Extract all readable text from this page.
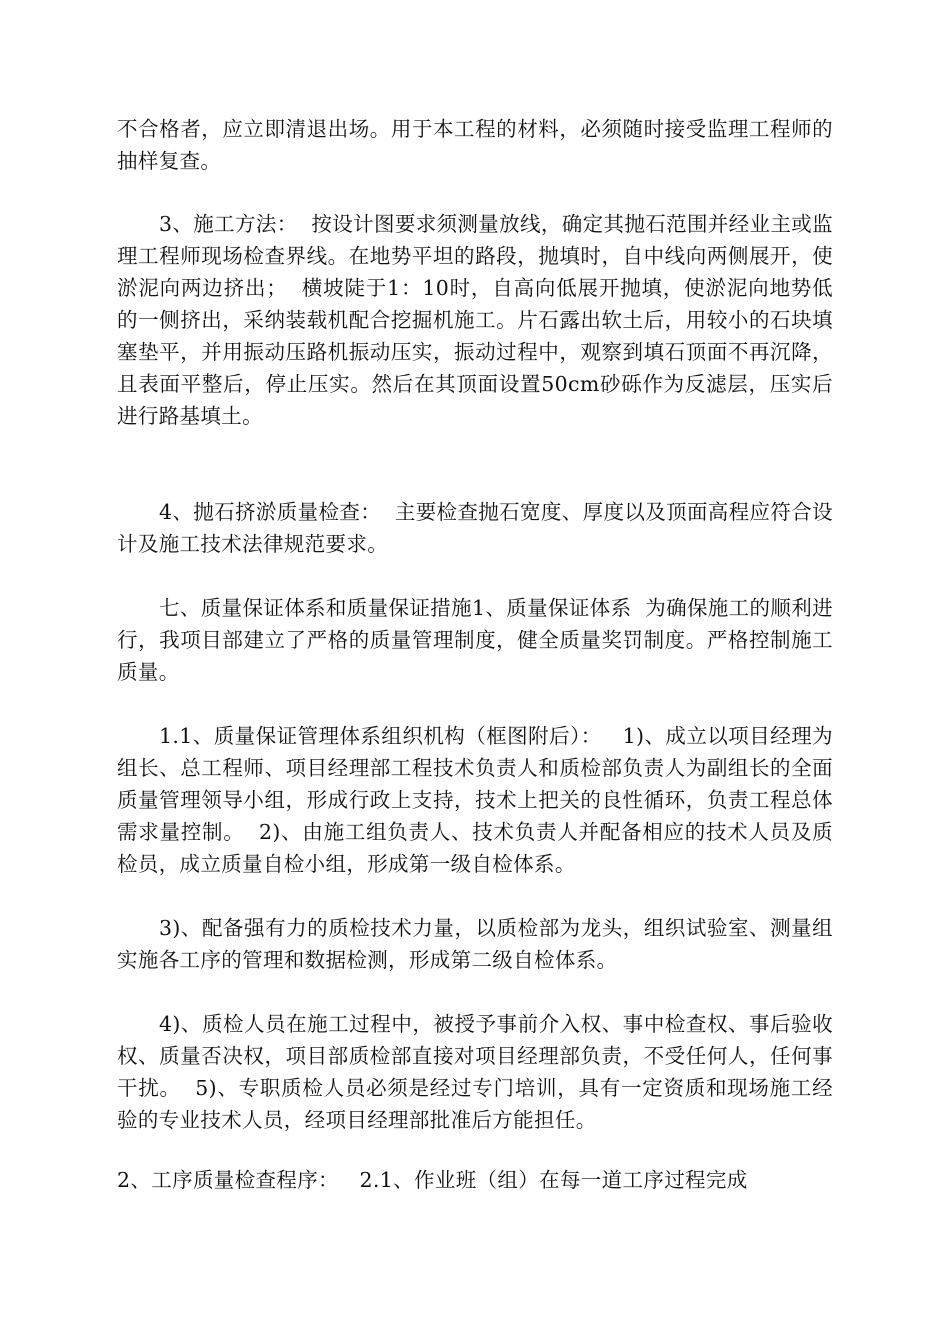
不合格者，应立即清退出场。用于本工程的材料，必须随时接受监理工程师的抽样复查。
3、施工方法：  按设计图要求须测量放线，确定其抛石范围并经业主或监理工程师现场检查界线。在地势平坦的路段，抛填时，自中线向两侧展开，使淤泥向两边挤出；  横坡陡于1：10时，自高向低展开抛填，使淤泥向地势低的一侧挤出，采纳装载机配合挖掘机施工。片石露出软土后，用较小的石块填塞垫平，并用振动压路机振动压实，振动过程中，观察到填石顶面不再沉降，且表面平整后，停止压实。然后在其顶面设置50cm砂砾作为反滤层，压实后进行路基填土。
4、抛石挤淤质量检查：  主要检查抛石宽度、厚度以及顶面高程应符合设计及施工技术法律规范要求。
七、质量保证体系和质量保证措施1、质量保证体系  为确保施工的顺利进行，我项目部建立了严格的质量管理制度，健全质量奖罚制度。严格控制施工质量。
1.1、质量保证管理体系组织机构（框图附后）：   1)、成立以项目经理为组长、总工程师、项目经理部工程技术负责人和质检部负责人为副组长的全面质量管理领导小组，形成行政上支持，技术上把关的良性循环，负责工程总体需求量控制。  2)、由施工组负责人、技术负责人并配备相应的技术人员及质检员，成立质量自检小组，形成第一级自检体系。
3)、配备强有力的质检技术力量，以质检部为龙头，组织试验室、测量组实施各工序的管理和数据检测，形成第二级自检体系。
4)、质检人员在施工过程中，被授予事前介入权、事中检查权、事后验收权、质量否决权，项目部质检部直接对项目经理部负责，不受任何人，任何事干扰。  5)、专职质检人员必须是经过专门培训，具有一定资质和现场施工经验的专业技术人员，经项目经理部批准后方能担任。
2、工序质量检查程序：   2.1、作业班（组）在每一道工序过程完成
